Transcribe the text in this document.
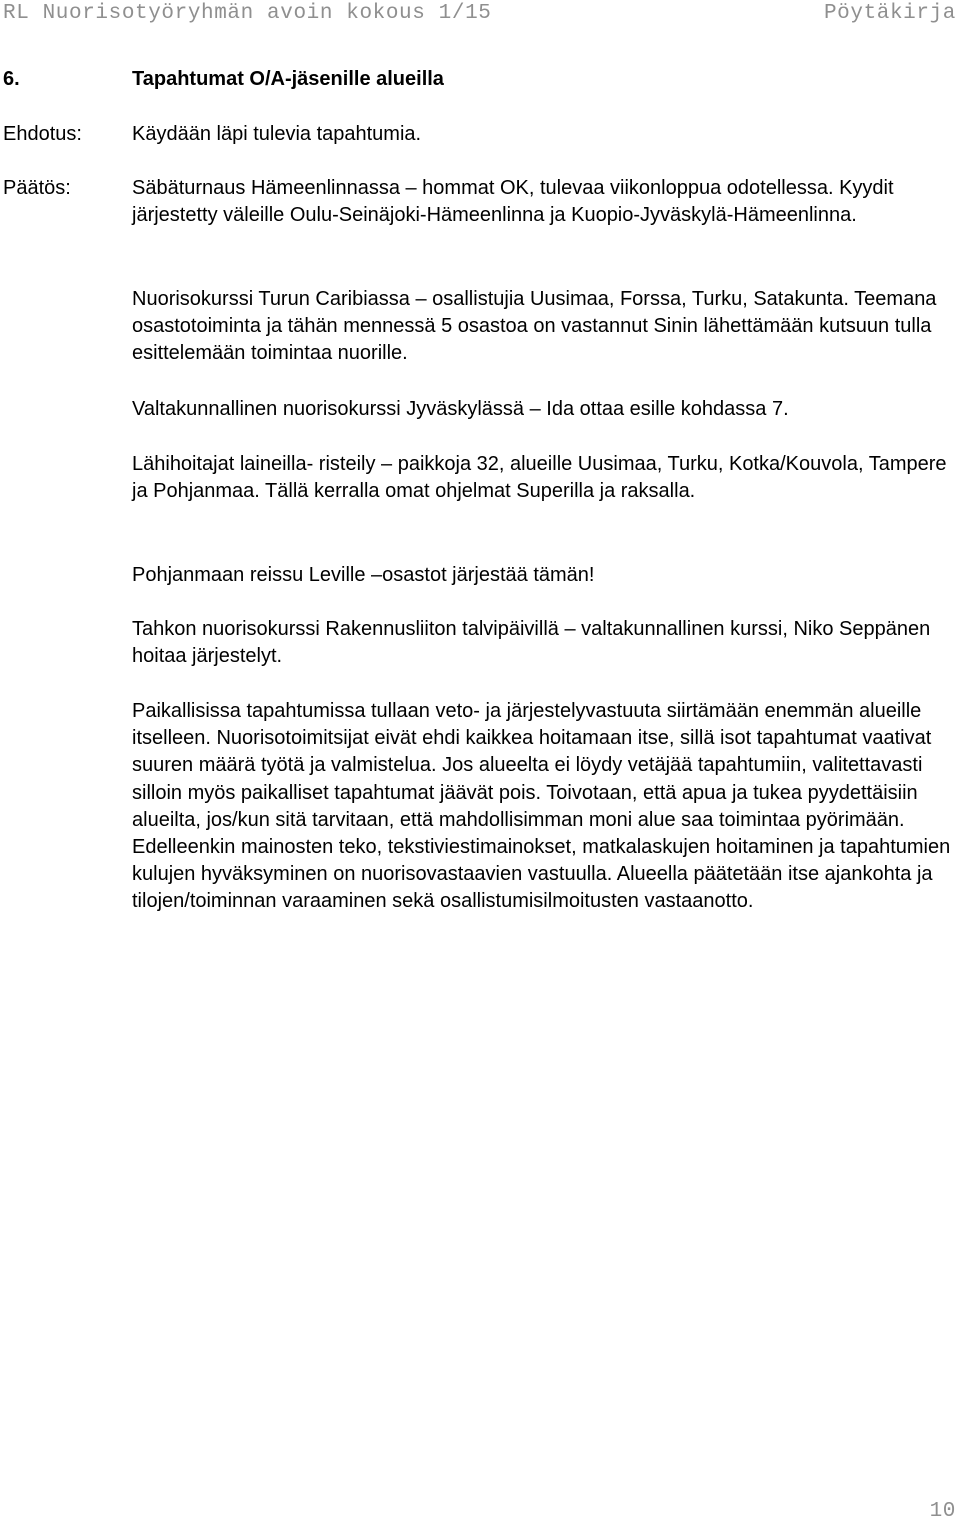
RL Nuorisotyöryhmän avoin kokous 1/15	Pöytäkirja
6.	Tapahtumat O/A-jäsenille alueilla
Ehdotus:	Käydään läpi tulevia tapahtumia.

Päätös:	Säbäturnaus Hämeenlinnassa – hommat OK, tulevaa viikonloppua odotellessa. Kyydit järjestetty väleille Oulu-Seinäjoki-Hämeenlinna ja Kuopio-Jyväskylä-Hämeenlinna.

Nuorisokurssi Turun Caribiassa – osallistujia Uusimaa, Forssa, Turku, Satakunta. Teemana osastotoiminta ja tähän mennessä 5 osastoa on vastannut Sinin lähettämään kutsuun tulla esittelemään toimintaa nuorille.

Valtakunnallinen nuorisokurssi Jyväskylässä – Ida ottaa esille kohdassa 7.

Lähihoitajat laineilla- risteily – paikkoja 32, alueille Uusimaa, Turku, Kotka/Kouvola, Tampere ja Pohjanmaa. Tällä kerralla omat ohjelmat Superilla ja raksalla.

Pohjanmaan reissu Leville –osastot järjestää tämän!

Tahkon nuorisokurssi Rakennusliiton talvipäivillä – valtakunnallinen kurssi, Niko Seppänen hoitaa järjestelyt.

Paikallisissa tapahtumissa tullaan veto- ja järjestelyvastuuta siirtämään enemmän alueille itselleen. Nuorisotoimitsijat eivät ehdi kaikkea hoitamaan itse, sillä isot tapahtumat vaativat suuren määrä työtä ja valmistelua. Jos alueelta ei löydy vetäjää tapahtumiin, valitettavasti silloin myös paikalliset tapahtumat jäävät pois. Toivotaan, että apua ja tukea pyydettäisiin alueilta, jos/kun sitä tarvitaan, että mahdollisimman moni alue saa toimintaa pyörimään. Edelleenkin mainosten teko, tekstiviestimainokset, matkalaskujen hoitaminen ja tapahtumien kulujen hyväksyminen on nuorisovastaavien vastuulla. Alueella päätetään itse ajankohta ja tilojen/toiminnan varaaminen sekä osallistumisilmoitusten vastaanotto.

10
